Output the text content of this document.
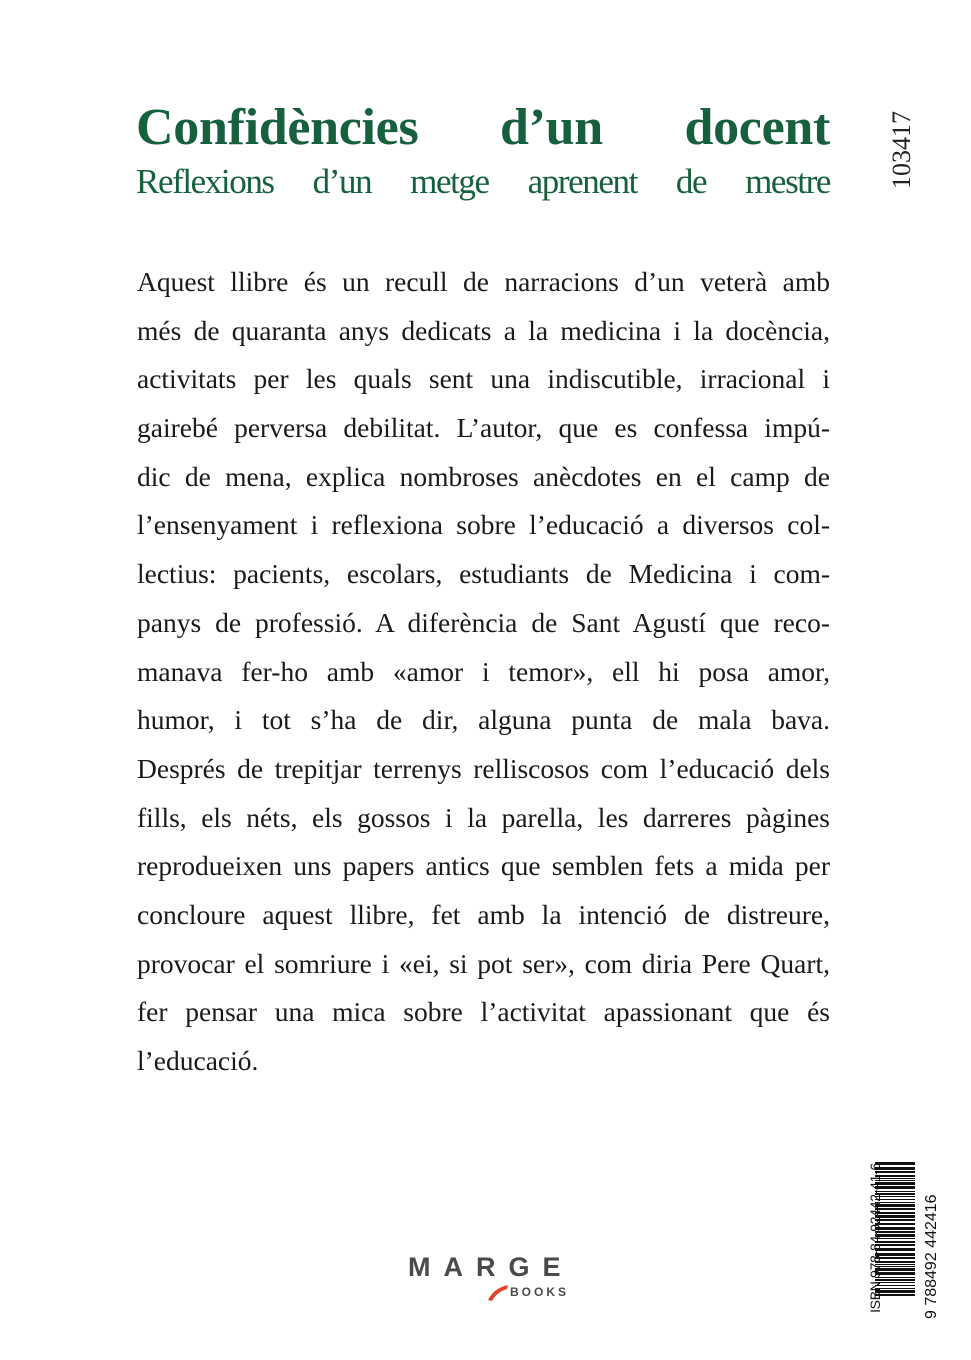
Confidències d’un docent
Reflexions d’un metge aprenent de mestre 103417
Aquest llibre és un recull de narracions d’un veterà amb
més de quaranta anys dedicats a la medicina i la docència,
activitats per les quals sent una indiscutible, irracional i
gairebé perversa debilitat. L’autor, que es confessa impú-
dic de mena, explica nombroses anècdotes en el camp de
l’ensenyament i reflexiona sobre l’educació a diversos col-
lectius: pacients, escolars, estudiants de Medicina i com-
panys de professió. A diferència de Sant Agustí que reco-
manava fer-ho amb «amor i temor», ell hi posa amor,
humor, i tot s’ha de dir, alguna punta de mala bava.
Després de trepitjar terrenys relliscosos com l’educació dels
fills, els néts, els gossos i la parella, les darreres pàgines
reprodueixen uns papers antics que semblen fets a mida per
concloure aquest llibre, fet amb la intenció de distreure,
provocar el somriure i «ei, si pot ser», com diria Pere Quart,
fer pensar una mica sobre l’activitat apassionant que és
l’educació.
ISBN 978-84-92442-41-6	9 788492 442416
MARGE
BOOKS
